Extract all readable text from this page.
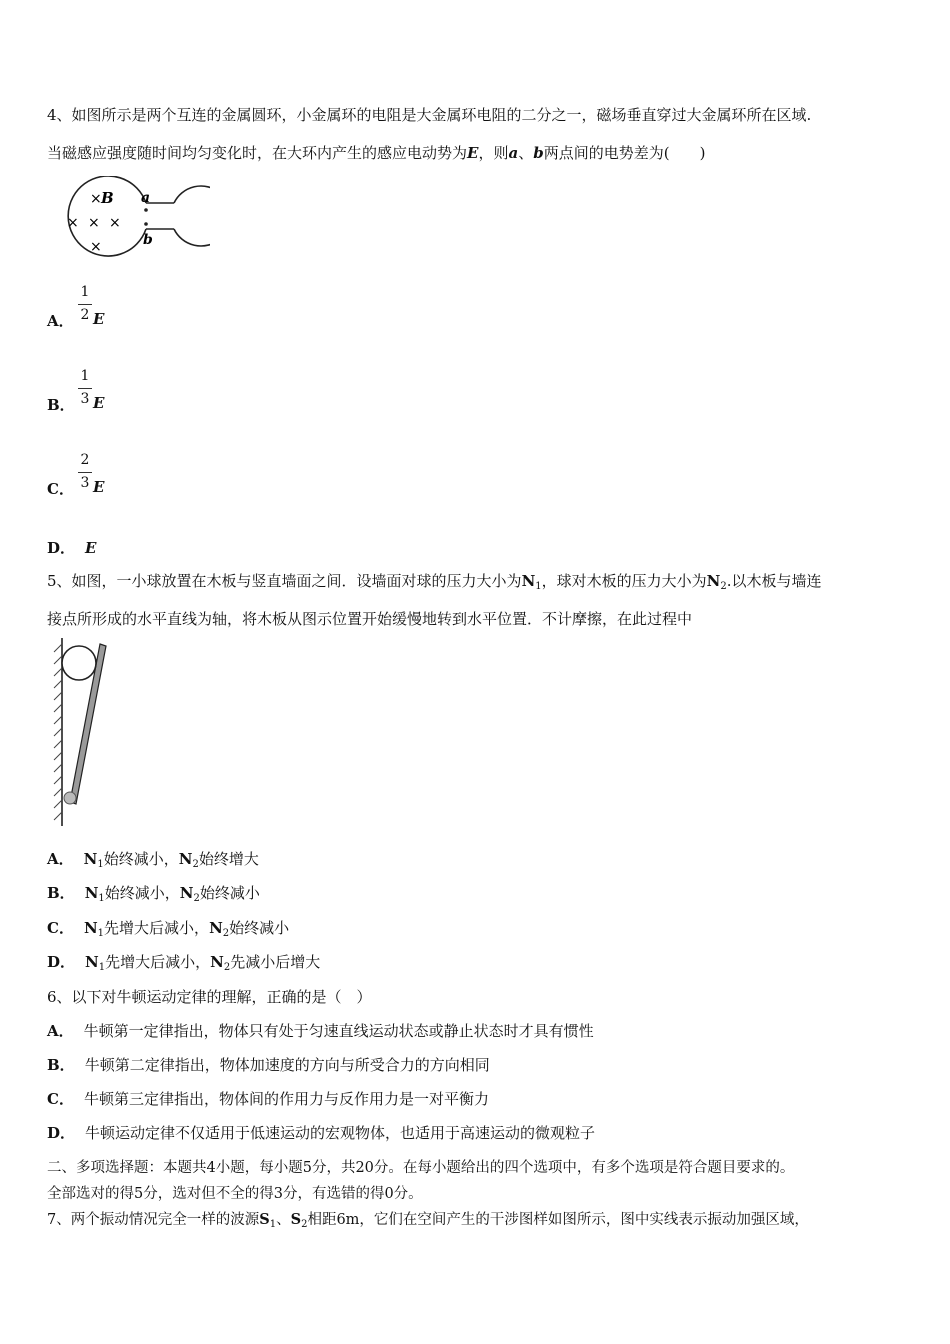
4、如图所示是两个互连的金属圆环，小金属环的电阻是大金属环电阻的二分之一，磁场垂直穿过大金属环所在区域.
当磁感应强度随时间均匀变化时，在大环内产生的感应电动势为E，则a、b两点间的电势差为(　　)
× B
× × ×
×
a
b
A．
1
2 E
B．
1
3 E
C．
2
3 E
D． E
5、如图，一小球放置在木板与竖直墙面之间．设墙面对球的压力大小为$N_1$，球对木板的压力大小为$N_2$.以木板与墙连
接点所形成的水平直线为轴，将木板从图示位置开始缓慢地转到水平位置．不计摩擦，在此过程中
A． $N_1$始终减小，$N_2$始终增大
B． $N_1$始终减小，$N_2$始终减小
C． $N_1$先增大后减小，$N_2$始终减小
D． $N_1$先增大后减小，$N_2$先减小后增大
6、以下对牛顿运动定律的理解，正确的是（　）
A． 牛顿第一定律指出，物体只有处于匀速直线运动状态或静止状态时才具有惯性
B． 牛顿第二定律指出，物体加速度的方向与所受合力的方向相同
C． 牛顿第三定律指出，物体间的作用力与反作用力是一对平衡力
D． 牛顿运动定律不仅适用于低速运动的宏观物体，也适用于高速运动的微观粒子
二、多项选择题：本题共4小题，每小题5分，共20分。在每小题给出的四个选项中，有多个选项是符合题目要求的。
全部选对的得5分，选对但不全的得3分，有选错的得0分。
7、两个振动情况完全一样的波源$S_1$、$S_2$相距6m，它们在空间产生的干涉图样如图所示，图中实线表示振动加强区域，
